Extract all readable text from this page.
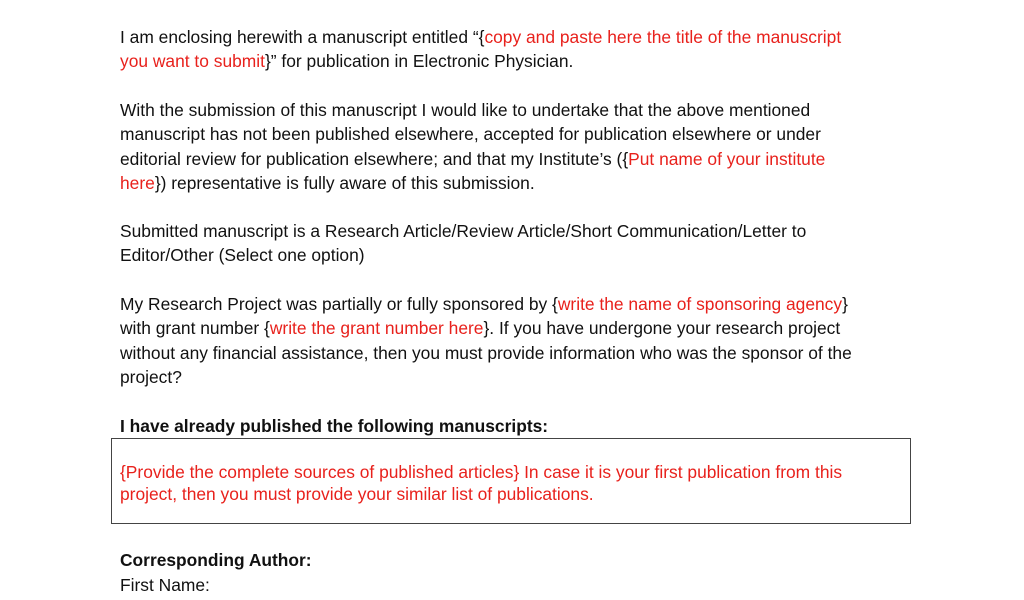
I am enclosing herewith a manuscript entitled “{copy and paste here the title of the manuscript
you want to submit}” for publication in Electronic Physician.
With the submission of this manuscript I would like to undertake that the above mentioned
manuscript has not been published elsewhere, accepted for publication elsewhere or under
editorial review for publication elsewhere; and that my Institute’s ({Put name of your institute
here}) representative is fully aware of this submission.
Submitted manuscript is a Research Article/Review Article/Short Communication/Letter to
Editor/Other (Select one option)
My Research Project was partially or fully sponsored by {write the name of sponsoring agency}
with grant number {write the grant number here}. If you have undergone your research project
without any financial assistance, then you must provide information who was the sponsor of the
project?
I have already published the following manuscripts:
{Provide the complete sources of published articles} In case it is your first publication from this
project, then you must provide your similar list of publications.
Corresponding Author:
First Name:
